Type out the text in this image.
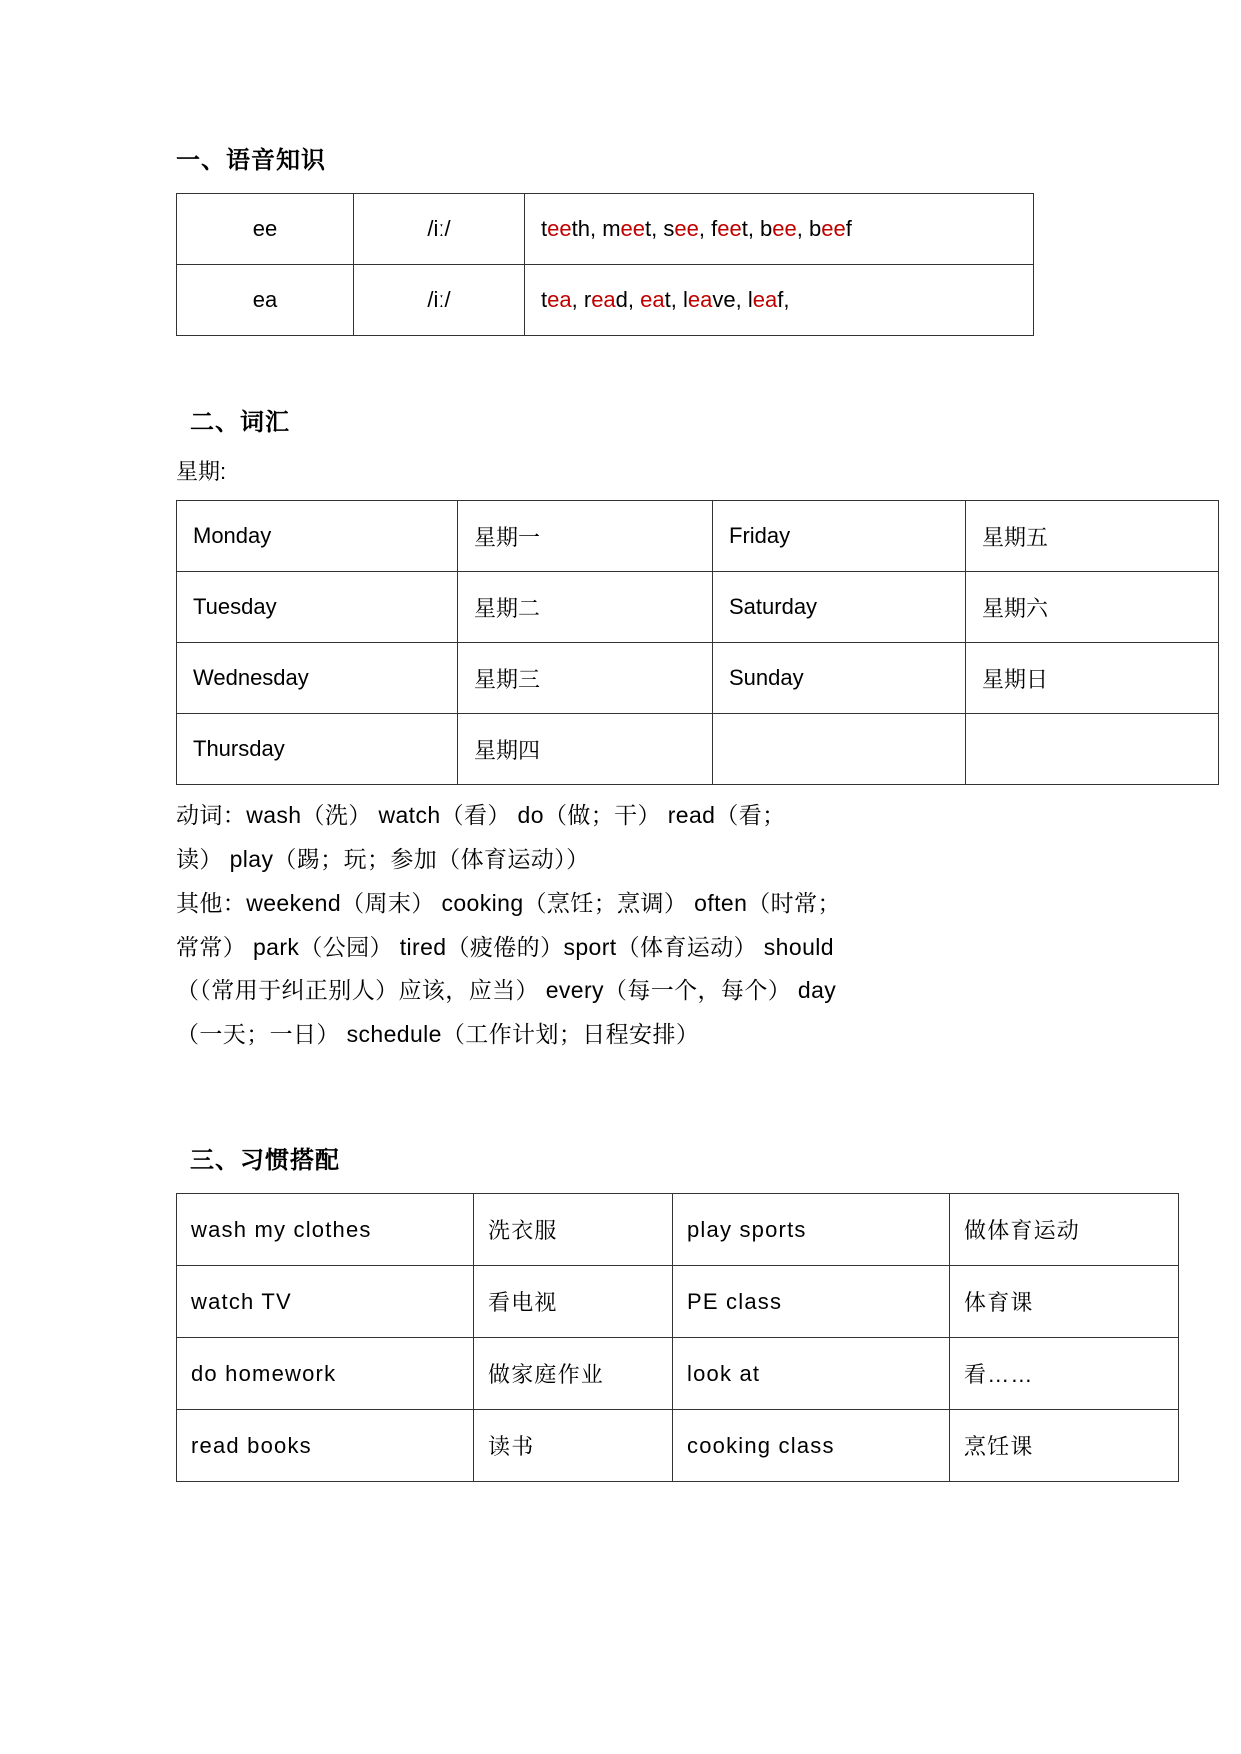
一、语音知识
ee	/iː/	teeth, meet, see, feet, bee, beef
ea	/iː/	tea, read, eat, leave, leaf,
二、词汇

星期:

Monday	星期一	Friday	星期五
Tuesday	星期二	Saturday	星期六
Wednesday	星期三	Sunday	星期日
Thursday	星期四		

动词：wash（洗） watch（看） do（做；干） read（看；

读） play（踢；玩；参加（体育运动））

其他：weekend（周末） cooking（烹饪；烹调） often（时常；

常常） park（公园） tired（疲倦的）sport（体育运动） should

（（常用于纠正别人）应该，应当） every（每一个，每个） day

（一天；一日） schedule（工作计划；日程安排）

三、习惯搭配
wash my clothes	洗衣服	play sports	做体育运动
watch TV	看电视	PE class	体育课
do homework	做家庭作业	look at	看……
read books	读书	cooking class	烹饪课
